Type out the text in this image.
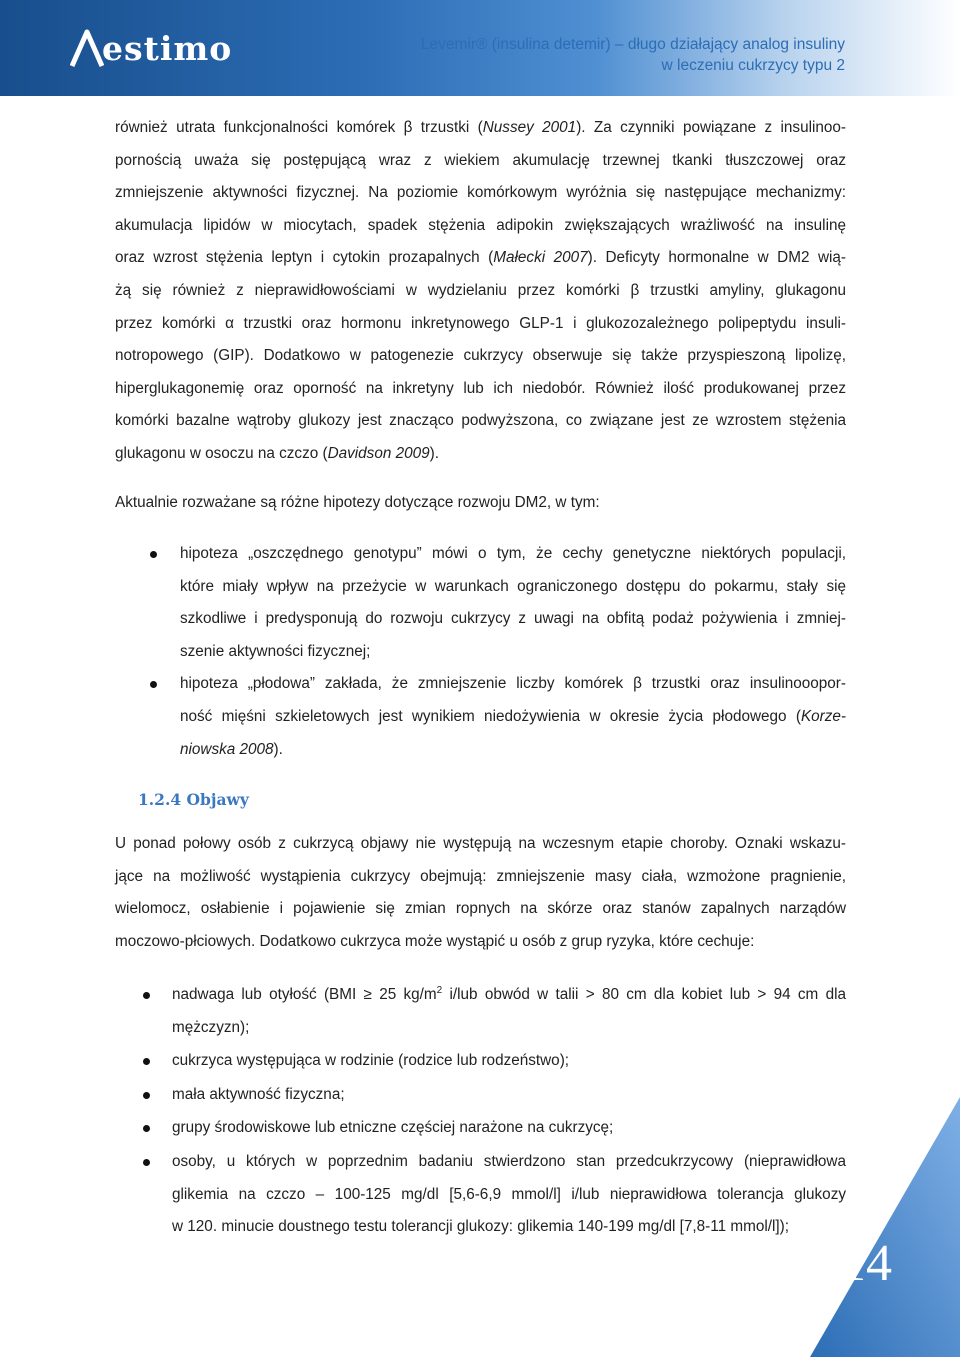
estimo	Levemir® (insulina detemir) – długo działający analog insuliny
w leczeniu cukrzycy typu 2
również utrata funkcjonalności komórek β trzustki (Nussey 2001). Za czynniki powiązane z insulinoo-
pornością uważa się postępującą wraz z wiekiem akumulację trzewnej tkanki tłuszczowej oraz
zmniejszenie aktywności fizycznej. Na poziomie komórkowym wyróżnia się następujące mechanizmy:
akumulacja lipidów w miocytach, spadek stężenia adipokin zwiększających wrażliwość na insulinę
oraz wzrost stężenia leptyn i cytokin prozapalnych (Małecki 2007). Deficyty hormonalne w DM2 wią-
żą się również z nieprawidłowościami w wydzielaniu przez komórki β trzustki amyliny, glukagonu
przez komórki α trzustki oraz hormonu inkretynowego GLP-1 i glukozozależnego polipeptydu insuli-
notropowego (GIP). Dodatkowo w patogenezie cukrzycy obserwuje się także przyspieszoną lipolizę,
hiperglukagonemię oraz oporność na inkretyny lub ich niedobór. Również ilość produkowanej przez
komórki bazalne wątroby glukozy jest znacząco podwyższona, co związane jest ze wzrostem stężenia
glukagonu w osoczu na czczo (Davidson 2009).
Aktualnie rozważane są różne hipotezy dotyczące rozwoju DM2, w tym:
hipoteza „oszczędnego genotypu” mówi o tym, że cechy genetyczne niektórych populacji,
które miały wpływ na przeżycie w warunkach ograniczonego dostępu do pokarmu, stały się
szkodliwe i predysponują do rozwoju cukrzycy z uwagi na obfitą podaż pożywienia i zmniej-
szenie aktywności fizycznej;
hipoteza „płodowa” zakłada, że zmniejszenie liczby komórek β trzustki oraz insulinooopor-
ność mięśni szkieletowych jest wynikiem niedożywienia w okresie życia płodowego (Korze-
niowska 2008).
1.2.4 Objawy
U ponad połowy osób z cukrzycą objawy nie występują na wczesnym etapie choroby. Oznaki wskazu-
jące na możliwość wystąpienia cukrzycy obejmują: zmniejszenie masy ciała, wzmożone pragnienie,
wielomocz, osłabienie i pojawienie się zmian ropnych na skórze oraz stanów zapalnych narządów
moczowo-płciowych. Dodatkowo cukrzyca może wystąpić u osób z grup ryzyka, które cechuje:
nadwaga lub otyłość (BMI ≥ 25 $kg/m^2$ i/lub obwód w talii > 80 cm dla kobiet lub > 94 cm dla
mężczyzn);
cukrzyca występująca w rodzinie (rodzice lub rodzeństwo);
mała aktywność fizyczna;
grupy środowiskowe lub etniczne częściej narażone na cukrzycę;
osoby, u których w poprzednim badaniu stwierdzono stan przedcukrzycowy (nieprawidłowa
glikemia na czczo – 100-125 mg/dl [5,6-6,9 mmol/l] i/lub nieprawidłowa tolerancja glukozy
w 120. minucie doustnego testu tolerancji glukozy: glikemia 140-199 mg/dl [7,8-11 mmol/l]);
14
